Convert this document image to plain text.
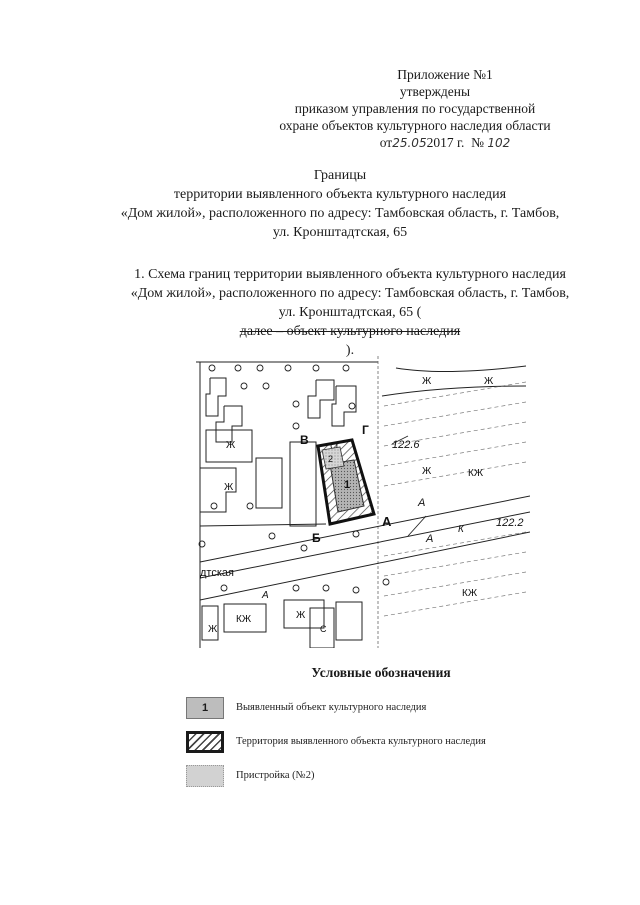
Приложение №1
утверждены
приказом управления по государственной
охране объектов культурного наследия области
от25.052017 г. № 102
Границы
территории выявленного объекта культурного наследия
«Дом жилой», расположенного по адресу: Тамбовская область, г. Тамбов,
ул. Кронштадтская, 65
1. Схема границ территории выявленного объекта культурного наследия
«Дом жилой», расположенного по адресу: Тамбовская область, г. Тамбов,
ул. Кронштадтская, 65 (
далее – объект культурного наследия
).
В
Г
А
Б
122.6
122.2
дтская
1
2
Ж
Ж
Ж	Ж
Ж	КЖ
КЖ
КЖ	Ж
Ж
А
А
А
С
К
Условные обозначения
1	Выявленный объект культурного наследия
Территория выявленного объекта культурного наследия
Пристройка (№2)
